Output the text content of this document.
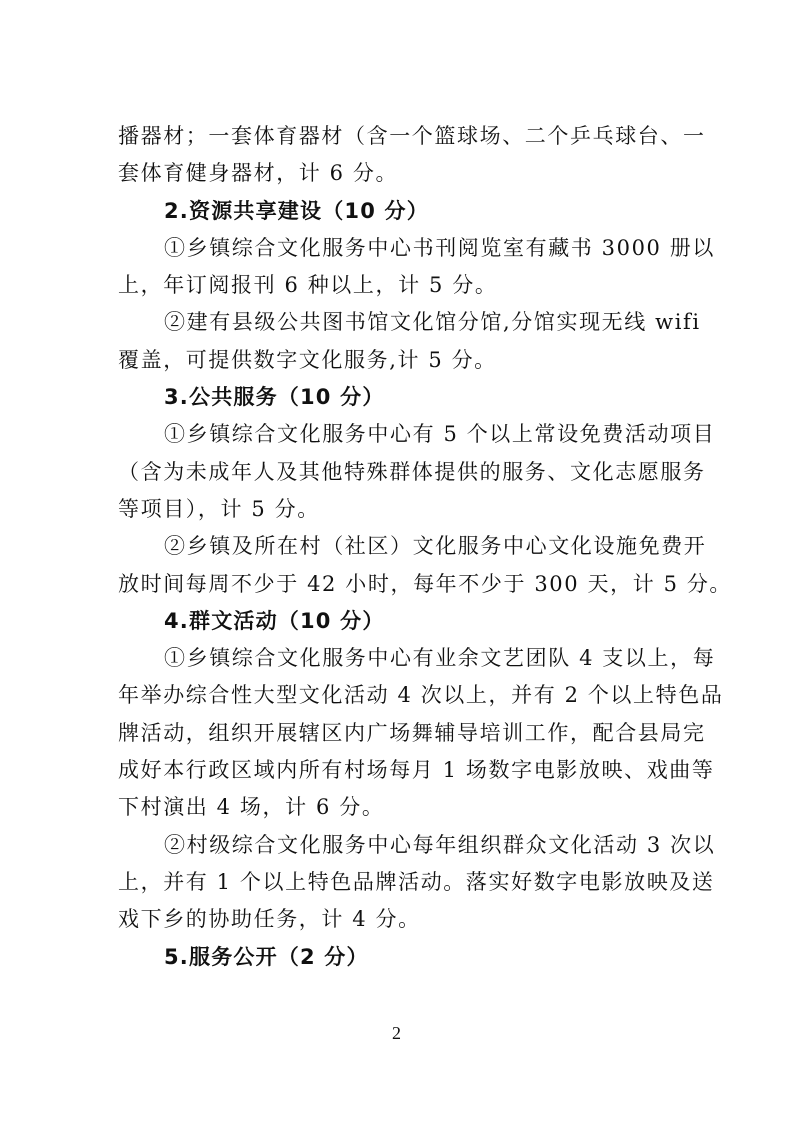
播器材；一套体育器材（含一个篮球场、二个乒乓球台、一
套体育健身器材，计 6 分。
2.资源共享建设（10 分）
①乡镇综合文化服务中心书刊阅览室有藏书 3000 册以
上，年订阅报刊 6 种以上，计 5 分。
②建有县级公共图书馆文化馆分馆,分馆实现无线 wifi
覆盖，可提供数字文化服务,计 5 分。
3.公共服务（10 分）
①乡镇综合文化服务中心有 5 个以上常设免费活动项目
（含为未成年人及其他特殊群体提供的服务、文化志愿服务
等项目），计 5 分。
②乡镇及所在村（社区）文化服务中心文化设施免费开
放时间每周不少于 42 小时，每年不少于 300 天，计 5 分。
4.群文活动（10 分）
①乡镇综合文化服务中心有业余文艺团队 4 支以上，每
年举办综合性大型文化活动 4 次以上，并有 2 个以上特色品
牌活动，组织开展辖区内广场舞辅导培训工作，配合县局完
成好本行政区域内所有村场每月 1 场数字电影放映、戏曲等
下村演出 4 场，计 6 分。
②村级综合文化服务中心每年组织群众文化活动 3 次以
上，并有 1 个以上特色品牌活动。落实好数字电影放映及送
戏下乡的协助任务，计 4 分。
5.服务公开（2 分）
2
